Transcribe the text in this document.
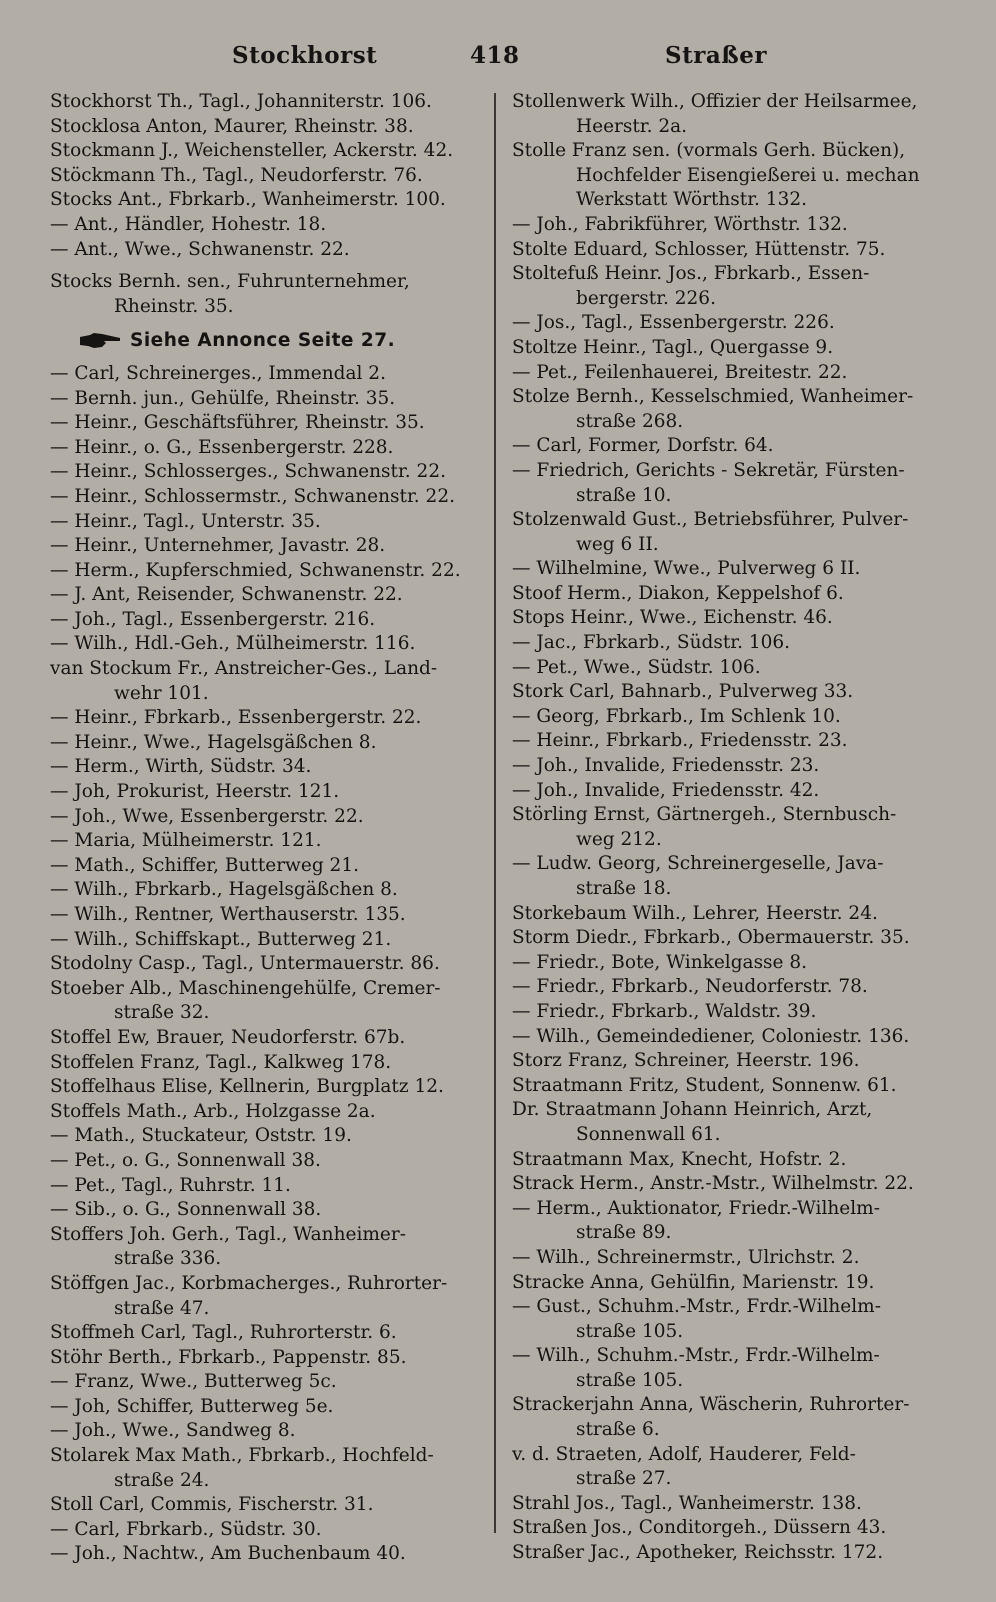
Stockhorst	418	Straßer
Stockhorst Th., Tagl., Johanniterstr. 106.
Stocklosa Anton, Maurer, Rheinstr. 38.
Stockmann J., Weichensteller, Ackerstr. 42.
Stöckmann Th., Tagl., Neudorferstr. 76.
Stocks Ant., Fbrkarb., Wanheimerstr. 100.
— Ant., Händler, Hohestr. 18.
— Ant., Wwe., Schwanenstr. 22.
Stocks Bernh. sen., Fuhrunternehmer,
Rheinstr. 35.
Siehe Annonce Seite 27.
— Carl, Schreinerges., Immendal 2.
— Bernh. jun., Gehülfe, Rheinstr. 35.
— Heinr., Geschäftsführer, Rheinstr. 35.
— Heinr., o. G., Essenbergerstr. 228.
— Heinr., Schlosserges., Schwanenstr. 22.
— Heinr., Schlossermstr., Schwanenstr. 22.
— Heinr., Tagl., Unterstr. 35.
— Heinr., Unternehmer, Javastr. 28.
— Herm., Kupferschmied, Schwanenstr. 22.
— J. Ant, Reisender, Schwanenstr. 22.
— Joh., Tagl., Essenbergerstr. 216.
— Wilh., Hdl.-Geh., Mülheimerstr. 116.
van Stockum Fr., Anstreicher-Ges., Land-
wehr 101.
— Heinr., Fbrkarb., Essenbergerstr. 22.
— Heinr., Wwe., Hagelsgäßchen 8.
— Herm., Wirth, Südstr. 34.
— Joh, Prokurist, Heerstr. 121.
— Joh., Wwe, Essenbergerstr. 22.
— Maria, Mülheimerstr. 121.
— Math., Schiffer, Butterweg 21.
— Wilh., Fbrkarb., Hagelsgäßchen 8.
— Wilh., Rentner, Werthauserstr. 135.
— Wilh., Schiffskapt., Butterweg 21.
Stodolny Casp., Tagl., Untermauerstr. 86.
Stoeber Alb., Maschinengehülfe, Cremer-
straße 32.
Stoffel Ew, Brauer, Neudorferstr. 67b.
Stoffelen Franz, Tagl., Kalkweg 178.
Stoffelhaus Elise, Kellnerin, Burgplatz 12.
Stoffels Math., Arb., Holzgasse 2a.
— Math., Stuckateur, Oststr. 19.
— Pet., o. G., Sonnenwall 38.
— Pet., Tagl., Ruhrstr. 11.
— Sib., o. G., Sonnenwall 38.
Stoffers Joh. Gerh., Tagl., Wanheimer-
straße 336.
Stöffgen Jac., Korbmacherges., Ruhrorter-
straße 47.
Stoffmeh Carl, Tagl., Ruhrorterstr. 6.
Stöhr Berth., Fbrkarb., Pappenstr. 85.
— Franz, Wwe., Butterweg 5c.
— Joh, Schiffer, Butterweg 5e.
— Joh., Wwe., Sandweg 8.
Stolarek Max Math., Fbrkarb., Hochfeld-
straße 24.
Stoll Carl, Commis, Fischerstr. 31.
— Carl, Fbrkarb., Südstr. 30.
— Joh., Nachtw., Am Buchenbaum 40.
Stollenwerk Wilh., Offizier der Heilsarmee,
Heerstr. 2a.
Stolle Franz sen. (vormals Gerh. Bücken),
Hochfelder Eisengießerei u. mechan
Werkstatt Wörthstr. 132.
— Joh., Fabrikführer, Wörthstr. 132.
Stolte Eduard, Schlosser, Hüttenstr. 75.
Stoltefuß Heinr. Jos., Fbrkarb., Essen-
bergerstr. 226.
— Jos., Tagl., Essenbergerstr. 226.
Stoltze Heinr., Tagl., Quergasse 9.
— Pet., Feilenhauerei, Breitestr. 22.
Stolze Bernh., Kesselschmied, Wanheimer-
straße 268.
— Carl, Former, Dorfstr. 64.
— Friedrich, Gerichts - Sekretär, Fürsten-
straße 10.
Stolzenwald Gust., Betriebsführer, Pulver-
weg 6 II.
— Wilhelmine, Wwe., Pulverweg 6 II.
Stoof Herm., Diakon, Keppelshof 6.
Stops Heinr., Wwe., Eichenstr. 46.
— Jac., Fbrkarb., Südstr. 106.
— Pet., Wwe., Südstr. 106.
Stork Carl, Bahnarb., Pulverweg 33.
— Georg, Fbrkarb., Im Schlenk 10.
— Heinr., Fbrkarb., Friedensstr. 23.
— Joh., Invalide, Friedensstr. 23.
— Joh., Invalide, Friedensstr. 42.
Störling Ernst, Gärtnergeh., Sternbusch-
weg 212.
— Ludw. Georg, Schreinergeselle, Java-
straße 18.
Storkebaum Wilh., Lehrer, Heerstr. 24.
Storm Diedr., Fbrkarb., Obermauerstr. 35.
— Friedr., Bote, Winkelgasse 8.
— Friedr., Fbrkarb., Neudorferstr. 78.
— Friedr., Fbrkarb., Waldstr. 39.
— Wilh., Gemeindediener, Coloniestr. 136.
Storz Franz, Schreiner, Heerstr. 196.
Straatmann Fritz, Student, Sonnenw. 61.
Dr. Straatmann Johann Heinrich, Arzt,
Sonnenwall 61.
Straatmann Max, Knecht, Hofstr. 2.
Strack Herm., Anstr.-Mstr., Wilhelmstr. 22.
— Herm., Auktionator, Friedr.-Wilhelm-
straße 89.
— Wilh., Schreinermstr., Ulrichstr. 2.
Stracke Anna, Gehülfin, Marienstr. 19.
— Gust., Schuhm.-Mstr., Frdr.-Wilhelm-
straße 105.
— Wilh., Schuhm.-Mstr., Frdr.-Wilhelm-
straße 105.
Strackerjahn Anna, Wäscherin, Ruhrorter-
straße 6.
v. d. Straeten, Adolf, Hauderer, Feld-
straße 27.
Strahl Jos., Tagl., Wanheimerstr. 138.
Straßen Jos., Conditorgeh., Düssern 43.
Straßer Jac., Apotheker, Reichsstr. 172.
